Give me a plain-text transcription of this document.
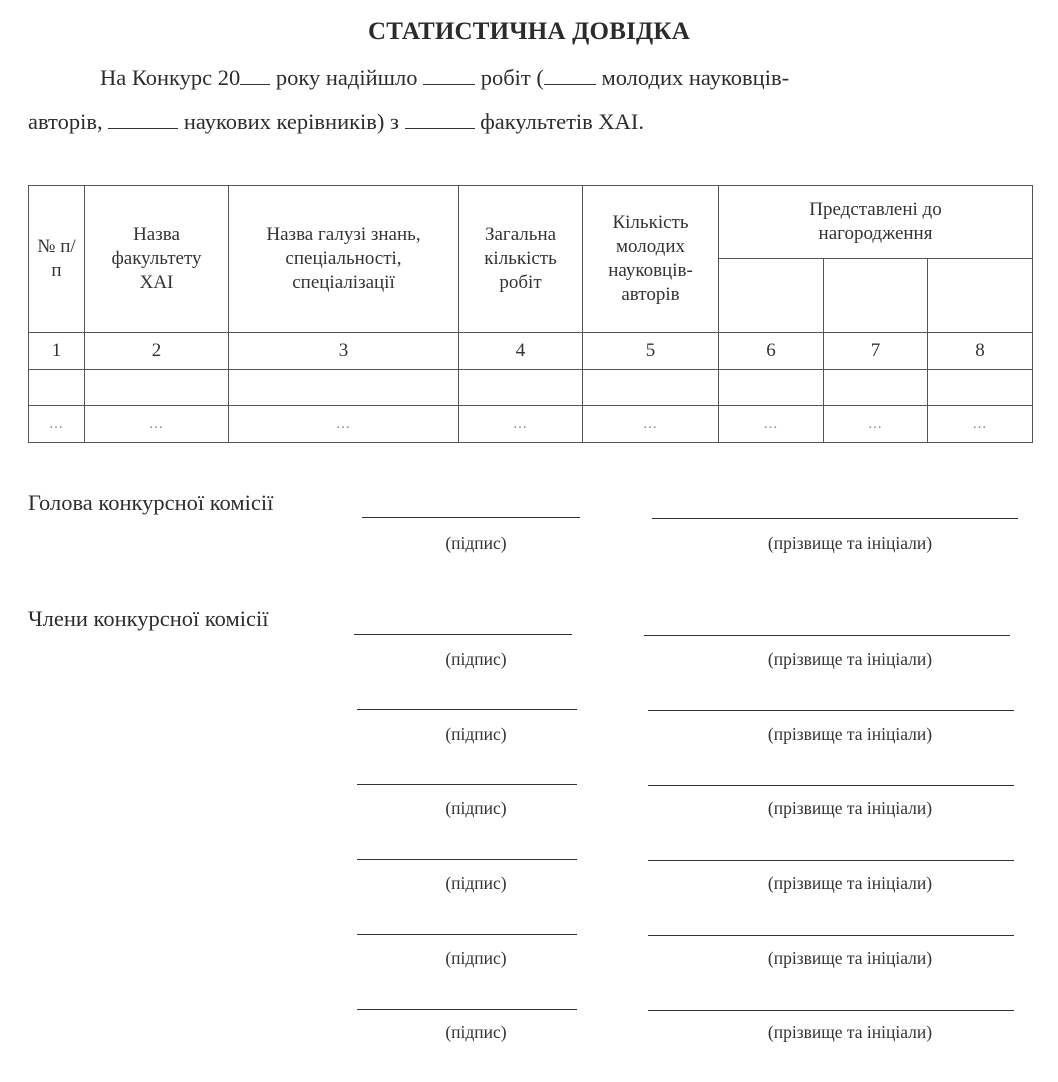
СТАТИСТИЧНА ДОВІДКА
На Конкурс 20 року надійшло	робіт (	молодих науковців-
авторів,	наукових керівників) з	факультетів ХАІ.
№ п/п	Назва факультету ХАІ	Назва галузі знань, спеціальності, спеціалізації	Загальна кількість робіт	Кількість молодих науковців-авторів	Представлені до нагородження		

1	2	3	4	5	6	7	8

...	...	...	...	...	...	...	...
Голова конкурсної комісії
(підпис)	(прізвище та ініціали)
Члени конкурсної комісії
(підпис)	(прізвище та ініціали)
(підпис)	(прізвище та ініціали)
(підпис)	(прізвище та ініціали)
(підпис)	(прізвище та ініціали)
(підпис)	(прізвище та ініціали)
(підпис)	(прізвище та ініціали)
